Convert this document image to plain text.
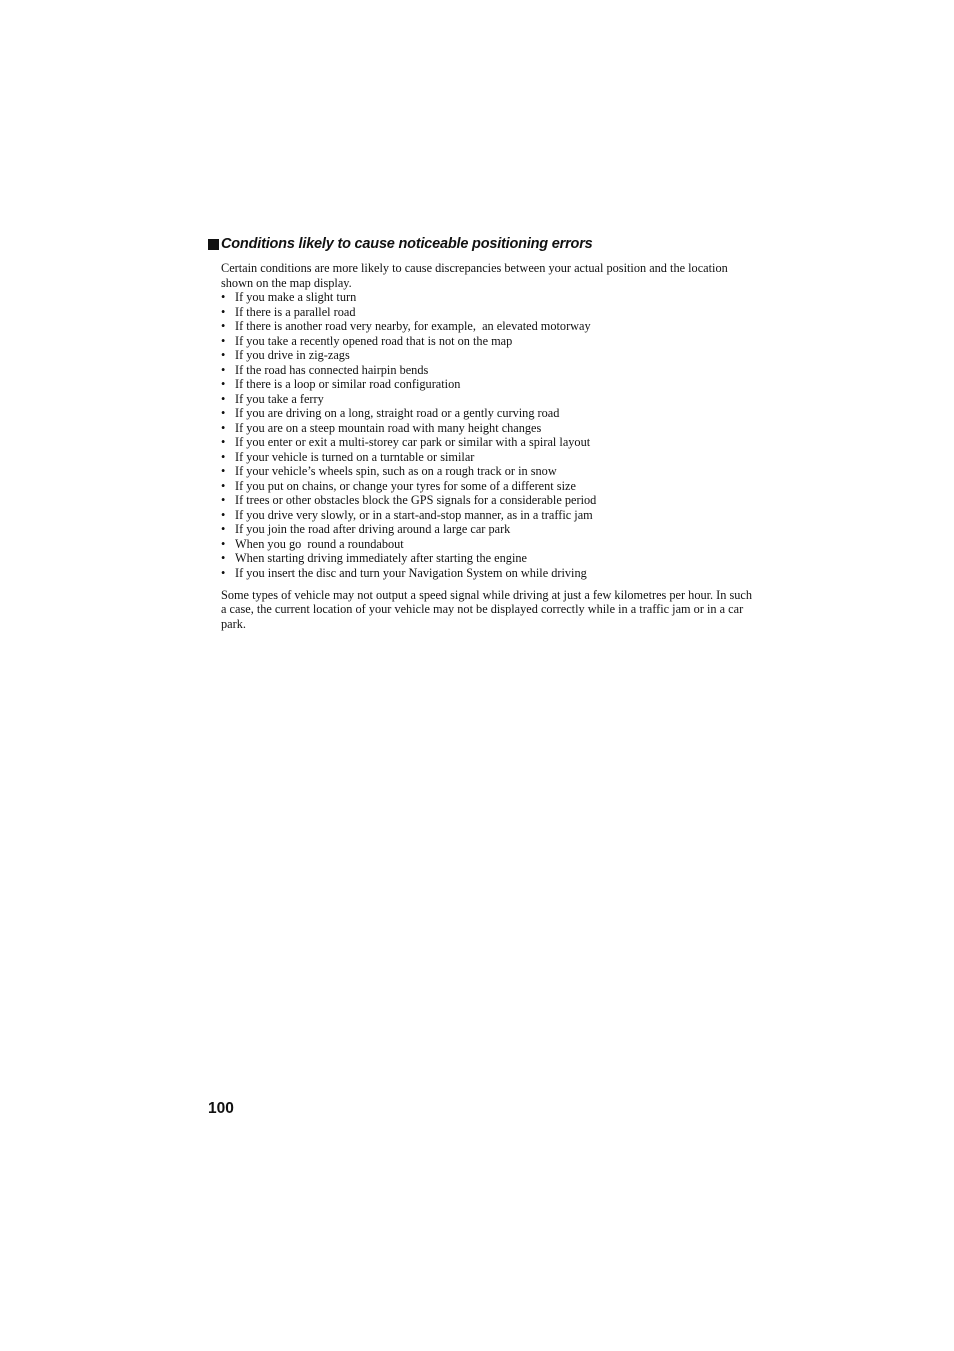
Conditions likely to cause noticeable positioning errors

Certain conditions are more likely to cause discrepancies between your actual position and the location shown on the map display.

• If you make a slight turn
• If there is a parallel road
• If there is another road very nearby, for example,  an elevated motorway
• If you take a recently opened road that is not on the map
• If you drive in zig-zags
• If the road has connected hairpin bends
• If there is a loop or similar road configuration
• If you take a ferry
• If you are driving on a long, straight road or a gently curving road
• If you are on a steep mountain road with many height changes
• If you enter or exit a multi-storey car park or similar with a spiral layout
• If your vehicle is turned on a turntable or similar
• If your vehicle’s wheels spin, such as on a rough track or in snow
• If you put on chains, or change your tyres for some of a different size
• If trees or other obstacles block the GPS signals for a considerable period
• If you drive very slowly, or in a start-and-stop manner, as in a traffic jam
• If you join the road after driving around a large car park
• When you go  round a roundabout
• When starting driving immediately after starting the engine
• If you insert the disc and turn your Navigation System on while driving

Some types of vehicle may not output a speed signal while driving at just a few kilometres per hour. In such a case, the current location of your vehicle may not be displayed correctly while in a traffic jam or in a car park.

100
